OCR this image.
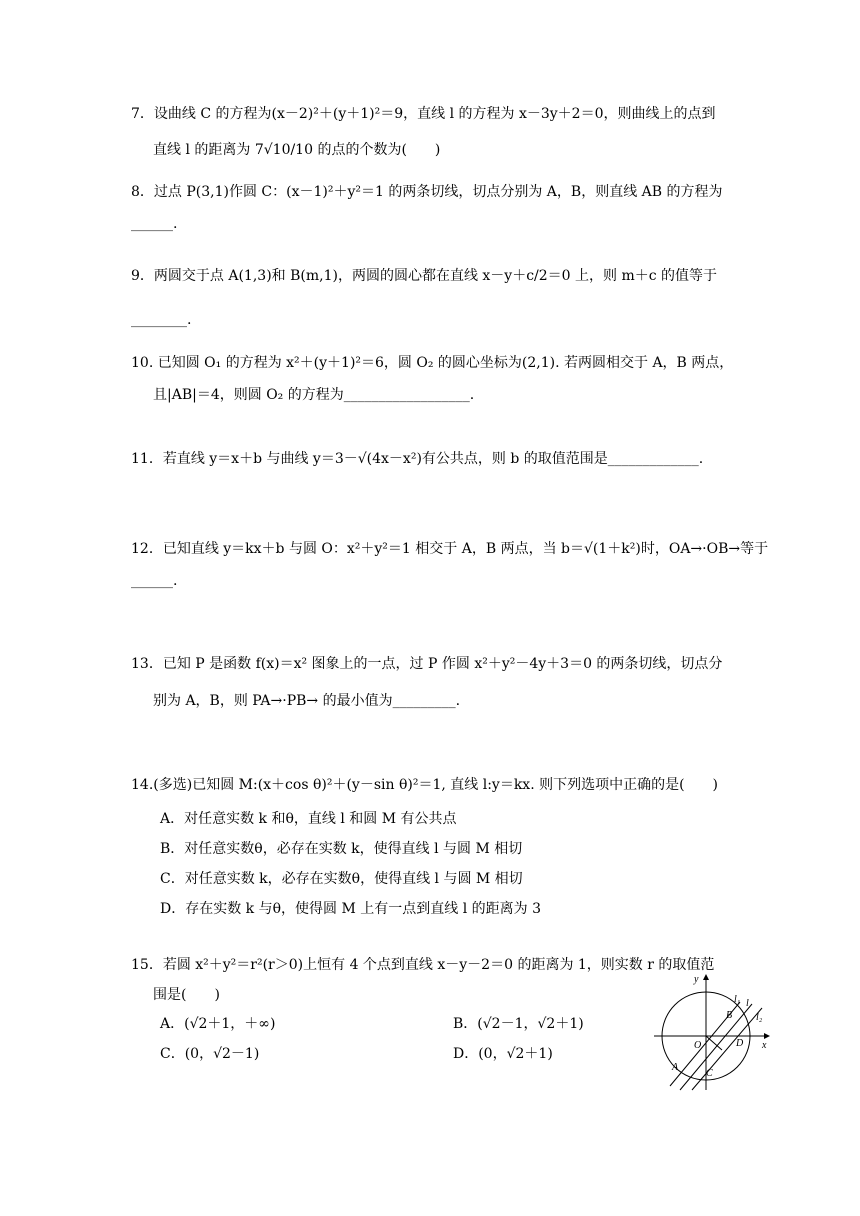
7．设曲线 C 的方程为(x－2)²＋(y＋1)²＝9，直线 l 的方程为 x－3y＋2＝0，则曲线上的点到
直线 l 的距离为 7√10/10 的点的个数为(　　)
8．过点 P(3,1)作圆 C：(x－1)²＋y²＝1 的两条切线，切点分别为 A，B，则直线 AB 的方程为
______.
9．两圆交于点 A(1,3)和 B(m,1)，两圆的圆心都在直线 x－y＋c/2＝0 上，则 m＋c 的值等于
________.
10. 已知圆 O₁ 的方程为 x²＋(y＋1)²＝6，圆 O₂ 的圆心坐标为(2,1). 若两圆相交于 A，B 两点，
且|AB|＝4，则圆 O₂ 的方程为__________________.
11．若直线 y＝x＋b 与曲线 y＝3－√(4x－x²)有公共点，则 b 的取值范围是_____________.
12．已知直线 y＝kx＋b 与圆 O：x²＋y²＝1 相交于 A，B 两点，当 b＝√(1＋k²)时，OA→·OB→等于
______.
13．已知 P 是函数 f(x)＝x² 图象上的一点，过 P 作圆 x²＋y²－4y＋3＝0 的两条切线，切点分
别为 A，B，则 PA→·PB→ 的最小值为_________.
14.(多选)已知圆 M:(x＋cos θ)²＋(y－sin θ)²＝1, 直线 l:y＝kx. 则下列选项中正确的是(　　)
A．对任意实数 k 和θ，直线 l 和圆 M 有公共点
B．对任意实数θ，必存在实数 k，使得直线 l 与圆 M 相切
C．对任意实数 k，必存在实数θ，使得直线 l 与圆 M 相切
D．存在实数 k 与θ，使得圆 M 上有一点到直线 l 的距离为 3
15．若圆 x²＋y²＝r²(r＞0)上恒有 4 个点到直线 x－y－2＝0 的距离为 1，则实数 r 的取值范
围是(　　)
A．(√2＋1，＋∞)	B．(√2－1，√2＋1)
C．(0，√2－1)	D．(0，√2＋1)
y
x
O
A
B
C
D
l₁ l
l₂
